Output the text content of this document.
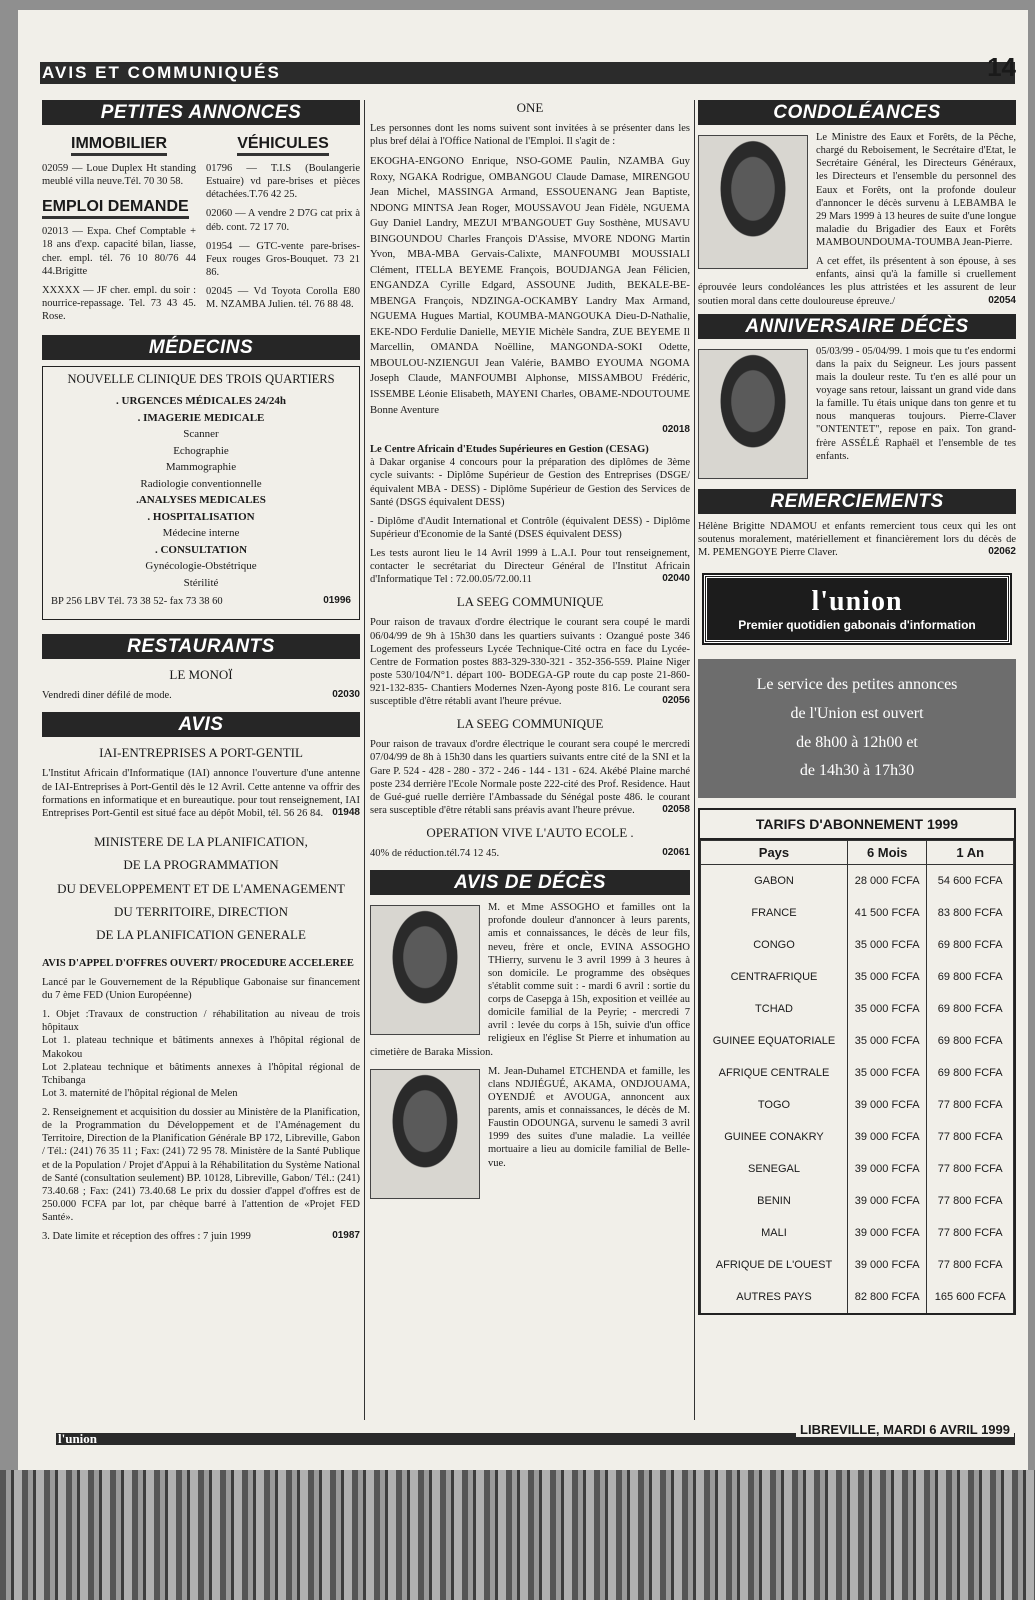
AVIS ET COMMUNIQUÉS	14
PETITES ANNONCES
IMMOBILIER

02059 — Loue Duplex Ht standing meublé villa neuve.Tél. 70 30 58.

EMPLOI DEMANDE

02013 — Expa. Chef Comptable + 18 ans d'exp. capacité bilan, liasse, cher. empl. tél. 76 10 80/76 44 44.Brigitte

XXXXX — JF cher. empl. du soir : nourrice-repassage. Tel. 73 43 45. Rose.

VÉHICULES

01796 — T.I.S (Boulangerie Estuaire) vd pare-brises et pièces détachées.T.76 42 25.

02060 — A vendre 2 D7G cat prix à déb. cont. 72 17 70.

01954 — GTC-vente pare-brises- Feux rouges Gros-Bouquet. 73 21 86.

02045 — Vd Toyota Corolla E80 M. NZAMBA Julien. tél. 76 88 48.

MÉDECINS
NOUVELLE CLINIQUE DES TROIS QUARTIERS
. URGENCES MÉDICALES 24/24h
. IMAGERIE MEDICALE
Scanner
Echographie
Mammographie
Radiologie conventionnelle
.ANALYSES MEDICALES
. HOSPITALISATION
Médecine interne
. CONSULTATION
Gynécologie-Obstétrique
Stérilité

01996
BP 256 LBV Tél. 73 38 52- fax 73 38 60

RESTAURANTS
LE MONOÏ

02030
Vendredi diner défilé de mode.

AVIS
IAI-ENTREPRISES A PORT-GENTIL

L'Institut Africain d'Informatique (IAI) annonce l'ouverture d'une antenne de IAI-Entreprises à Port-Gentil dès le 12 Avril. Cette antenne va offrir des formations en informatique et en bureautique. pour tout renseignement, IAI Entreprises Port-Gentil est situé face au dépôt Mobil, tél. 56 26 84. 01948

MINISTERE DE LA PLANIFICATION,
DE LA PROGRAMMATION
DU DEVELOPPEMENT ET DE L'AMENAGEMENT
DU TERRITOIRE, DIRECTION
DE LA PLANIFICATION GENERALE

AVIS D'APPEL D'OFFRES OUVERT/ PROCEDURE ACCELEREE

Lancé par le Gouvernement de la République Gabonaise sur financement du 7 ème FED (Union Européenne)

1. Objet :Travaux de construction / réhabilitation au niveau de trois hôpitaux

Lot 1. plateau technique et bâtiments annexes à l'hôpital régional de Makokou

Lot 2.plateau technique et bâtiments annexes à l'hôpital régional de Tchibanga

Lot 3. maternité de l'hôpital régional de Melen

2. Renseignement et acquisition du dossier au Ministère de la Planification, de la Programmation du Développement et de l'Aménagement du Territoire, Direction de la Planification Générale BP 172, Libreville, Gabon / Tél.: (241) 76 35 11 ; Fax: (241) 72 95 78. Ministère de la Santé Publique et de la Population / Projet d'Appui à la Réhabilitation du Système National de Santé (consultation seulement) BP. 10128, Libreville, Gabon/ Tél.: (241) 73.40.68 ; Fax: (241) 73.40.68 Le prix du dossier d'appel d'offres est de 250.000 FCFA par lot, par chèque barré à l'attention de «Projet FED Santé».

01987
3. Date limite et réception des offres : 7 juin 1999

ONE

Les personnes dont les noms suivent sont invitées à se présenter dans les plus bref délai à l'Office National de l'Emploi. Il s'agit de :

EKOGHA-ENGONO Enrique, NSO-GOME Paulin, NZAMBA Guy Roxy, NGAKA Rodrigue, OMBANGOU Claude Damase, MIRENGOU Jean Michel, MASSINGA Armand, ESSOUENANG Jean Baptiste, NDONG MINTSA Jean Roger, MOUSSAVOU Jean Fidèle, NGUEMA Guy Daniel Landry, MEZUI M'BANGOUET Guy Sosthène, MUSAVU BINGOUNDOU Charles François D'Assise, MVORE NDONG Martin Yvon, MBA-MBA Gervais-Calixte, MANFOUMBI MOUSSIALI Clément, ITELLA BEYEME François, BOUDJANGA Jean Félicien, ENGANDZA Cyrille Edgard, ASSOUNE Judith, BEKALE-BE-MBENGA François, NDZINGA-OCKAMBY Landry Max Armand, NGUEMA Hugues Martial, KOUMBA-MANGOUKA Dieu-D-Nathalie, EKE-NDO Ferdulie Danielle, MEYIE Michèle Sandra, ZUE BEYEME Il Marcellin, OMANDA Noëlline, MANGONDA-SOKI Odette, MBOULOU-NZIENGUI Jean Valérie, BAMBO EYOUMA NGOMA Joseph Claude, MANFOUMBI Alphonse, MISSAMBOU Frédéric, ISSEMBE Léonie Elisabeth, MAYENI Charles, OBAME-NDOUTOUME Bonne Aventure

02018

Le Centre Africain d'Etudes Supérieures en Gestion (CESAG)

à Dakar organise 4 concours pour la préparation des diplômes de 3ème cycle suivants: - Diplôme Supérieur de Gestion des Entreprises (DSGE/équivalent MBA - DESS) - Diplôme Supérieur de Gestion des Services de Santé (DSGS équivalent DESS)

- Diplôme d'Audit International et Contrôle (équivalent DESS) - Diplôme Supérieur d'Economie de la Santé (DSES équivalent DESS)

Les tests auront lieu le 14 Avril 1999 à L.A.I. Pour tout renseignement, contacter le secrétariat du Directeur Général de l'Institut Africain d'Informatique Tel : 72.00.05/72.00.11	02040

LA SEEG COMMUNIQUE

Pour raison de travaux d'ordre électrique le courant sera coupé le mardi 06/04/99 de 9h à 15h30 dans les quartiers suivants : Ozangué poste 346 Logement des professeurs Lycée Technique-Cité octra en face du Lycée-Centre de Formation postes 883-329-330-321 - 352-356-559. Plaine Niger poste 530/104/N°1. départ 100- BODEGA-GP route du cap poste 21-860-921-132-835- Chantiers Modernes Nzen-Ayong poste 816. Le courant sera susceptible d'être rétabli avant l'heure prévue.	02056

LA SEEG COMMUNIQUE

Pour raison de travaux d'ordre électrique le courant sera coupé le mercredi 07/04/99 de 8h à 15h30 dans les quartiers suivants entre cité de la SNI et la Gare P. 524 - 428 - 280 - 372 - 246 - 144 - 131 - 624. Akébé Plaine marché poste 234 derrière l'Ecole Normale poste 222-cité des Prof. Residence. Haut de Gué-gué ruelle derrière l'Ambassade du Sénégal poste 486. le courant sera susceptible d'être rétabli sans préavis avant l'heure prévue.	02058

OPERATION VIVE L'AUTO ECOLE .

02061
40% de réduction.tél.74 12 45.

AVIS DE DÉCÈS

M. et Mme ASSOGHO et familles ont la profonde douleur d'annoncer à leurs parents, amis et connaissances, le décès de leur fils, neveu, frère et oncle, EVINA ASSOGHO THierry, survenu le 3 avril 1999 à 3 heures à son domicile. Le programme des obsèques s'établit comme suit : - mardi 6 avril : sortie du corps de Casepga à 15h, exposition et veillée au domicile familial de la Peyrie; - mercredi 7 avril : levée du corps à 15h, suivie d'un office religieux en l'église St Pierre et inhumation au cimetière de Baraka Mission.

M. Jean-Duhamel ETCHENDA et famille, les clans NDJIÉGUÉ, AKAMA, ONDJOUAMA, OYENDJÉ et AVOUGA, annoncent aux parents, amis et connaissances, le décès de M. Faustin ODOUNGA, survenu le samedi 3 avril 1999 des suites d'une maladie. La veillée mortuaire a lieu au domicile familial de Belle-vue.

CONDOLÉANCES

Le Ministre des Eaux et Forêts, de la Pêche, chargé du Reboisement, le Secrétaire d'Etat, le Secrétaire Général, les Directeurs Généraux, les Directeurs et l'ensemble du personnel des Eaux et Forêts, ont la profonde douleur d'annoncer le décès survenu à LEBAMBA le 29 Mars 1999 à 13 heures de suite d'une longue maladie du Brigadier des Eaux et Forêts MAMBOUNDOUMA-TOUMBA Jean-Pierre.

A cet effet, ils présentent à son épouse, à ses enfants, ainsi qu'à la famille si cruellement éprouvée leurs condoléances les plus attristées et les assurent de leur soutien moral dans cette douloureuse épreuve./	02054

ANNIVERSAIRE DÉCÈS

05/03/99 - 05/04/99. 1 mois que tu t'es endormi dans la paix du Seigneur. Les jours passent mais la douleur reste. Tu t'en es allé pour un voyage sans retour, laissant un grand vide dans la famille. Tu étais unique dans ton genre et tu nous manqueras toujours. Pierre-Claver "ONTENTET", repose en paix. Ton grand-frère ASSÉLÉ Raphaël et l'ensemble de tes enfants.

REMERCIEMENTS

Hélène Brigitte NDAMOU et enfants remercient tous ceux qui les ont soutenus moralement, matériellement et financièrement lors du décès de M. PEMENGOYE Pierre Claver.	02062

l'union
Premier quotidien gabonais d'information
Le service des petites annonces
de l'Union est ouvert
de 8h00 à 12h00 et
de 14h30 à 17h30
TARIFS D'ABONNEMENT 1999
Pays	6 Mois	1 An
GABON	28 000 FCFA	54 600 FCFA
FRANCE	41 500 FCFA	83 800 FCFA
CONGO	35 000 FCFA	69 800 FCFA
CENTRAFRIQUE	35 000 FCFA	69 800 FCFA
TCHAD	35 000 FCFA	69 800 FCFA
GUINEE EQUATORIALE	35 000 FCFA	69 800 FCFA
AFRIQUE CENTRALE	35 000 FCFA	69 800 FCFA
TOGO	39 000 FCFA	77 800 FCFA
GUINEE CONAKRY	39 000 FCFA	77 800 FCFA
SENEGAL	39 000 FCFA	77 800 FCFA
BENIN	39 000 FCFA	77 800 FCFA
MALI	39 000 FCFA	77 800 FCFA
AFRIQUE DE L'OUEST	39 000 FCFA	77 800 FCFA
AUTRES PAYS	82 800 FCFA	165 600 FCFA
l'union
LIBREVILLE, MARDI 6 AVRIL 1999
